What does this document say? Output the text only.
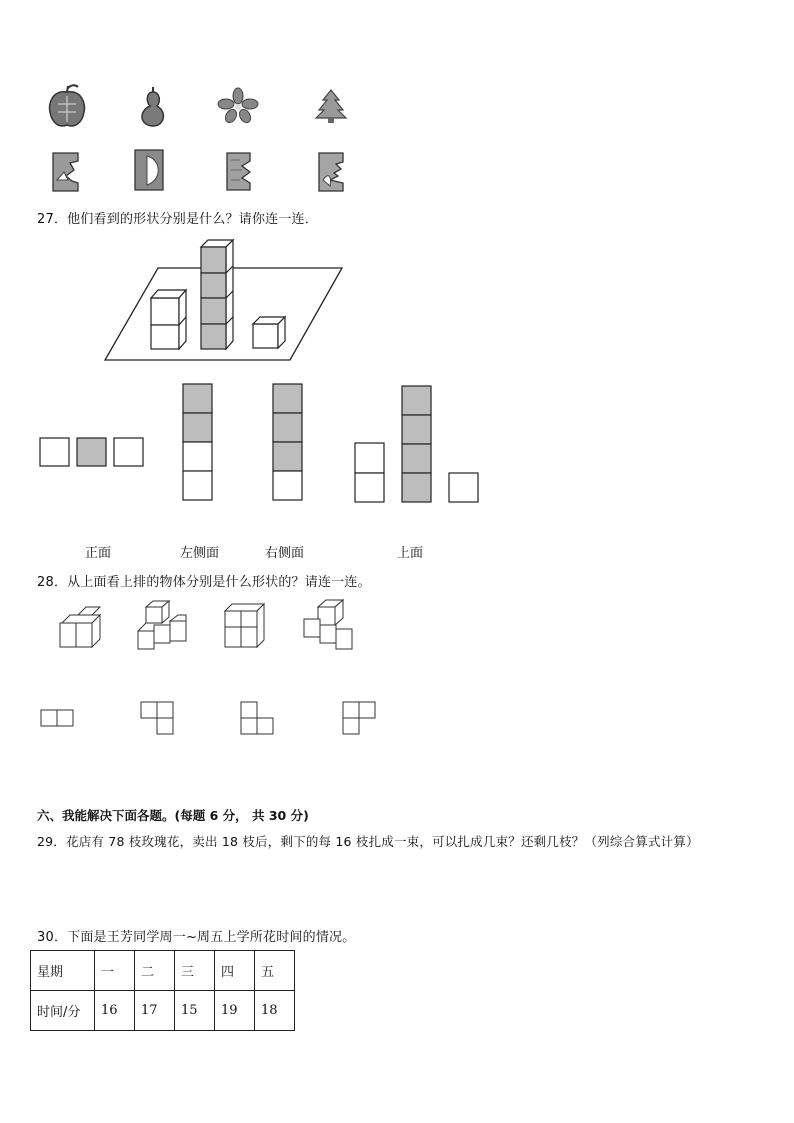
27．他们看到的形状分别是什么？请你连一连．
正面	左侧面	右侧面	上面
28．从上面看上排的物体分别是什么形状的？请连一连。
六、我能解决下面各题。(每题 6 分， 共 30 分)
29．花店有 78 枝玫瑰花，卖出 18 枝后，剩下的每 16 枝扎成一束，可以扎成几束？还剩几枝？（列综合算式计算）
30．下面是王芳同学周一~周五上学所花时间的情况。
星期	一	二	三	四	五
时间/分	16	17	15	19	18
